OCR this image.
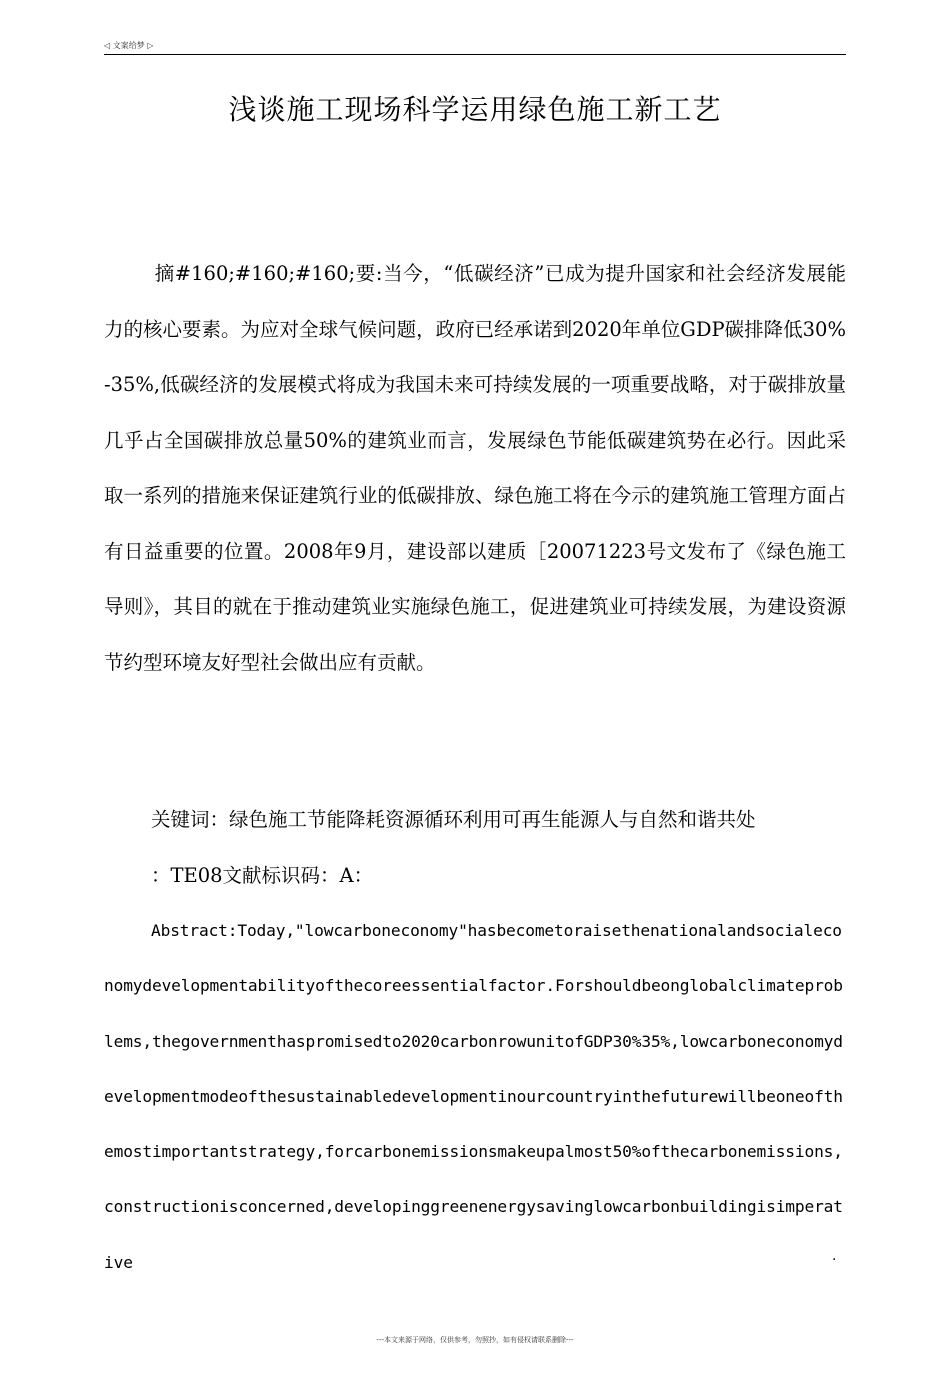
◁ 文案给梦 ▷
浅谈施工现场科学运用绿色施工新工艺

摘#160;#160;#160;要:当今，“低碳经济”已成为提升国家和社会经济发展能力的核心要素。为应对全球气候问题，政府已经承诺到2020年单位GDP碳排降低30%-35%,低碳经济的发展模式将成为我国未来可持续发展的一项重要战略，对于碳排放量几乎占全国碳排放总量50%的建筑业而言，发展绿色节能低碳建筑势在必行。因此采取一系列的措施来保证建筑行业的低碳排放、绿色施工将在今示的建筑施工管理方面占有日益重要的位置。2008年9月，建设部以建质［20071223号文发布了《绿色施工导则》，其目的就在于推动建筑业实施绿色施工，促进建筑业可持续发展，为建设资源节约型环境友好型社会做出应有贡献。

关键词：绿色施工节能降耗资源循环利用可再生能源人与自然和谐共处

：TE08文献标识码：A：

Abstract:Today,"lowcarboneconomy"hasbecometoraisethenationalandsocialeconomydevelopmentabilityofthecoreessentialfactor.Forshouldbeonglobalclimateproblems,thegovernmenthaspromisedto2020carbonrowunitofGDP30%35%,lowcarboneconomydevelopmentmodeofthesustainabledevelopmentinourcountryinthefuturewillbeoneofthemostimportantstrategy,forcarbonemissionsmakeupalmost50%ofthecarbonemissions,constructionisconcerned,developinggreenenergysavinglowcarbonbuildingisimperative	·
---本文来源于网络，仅供参考，勿照抄，如有侵权请联系删除---
